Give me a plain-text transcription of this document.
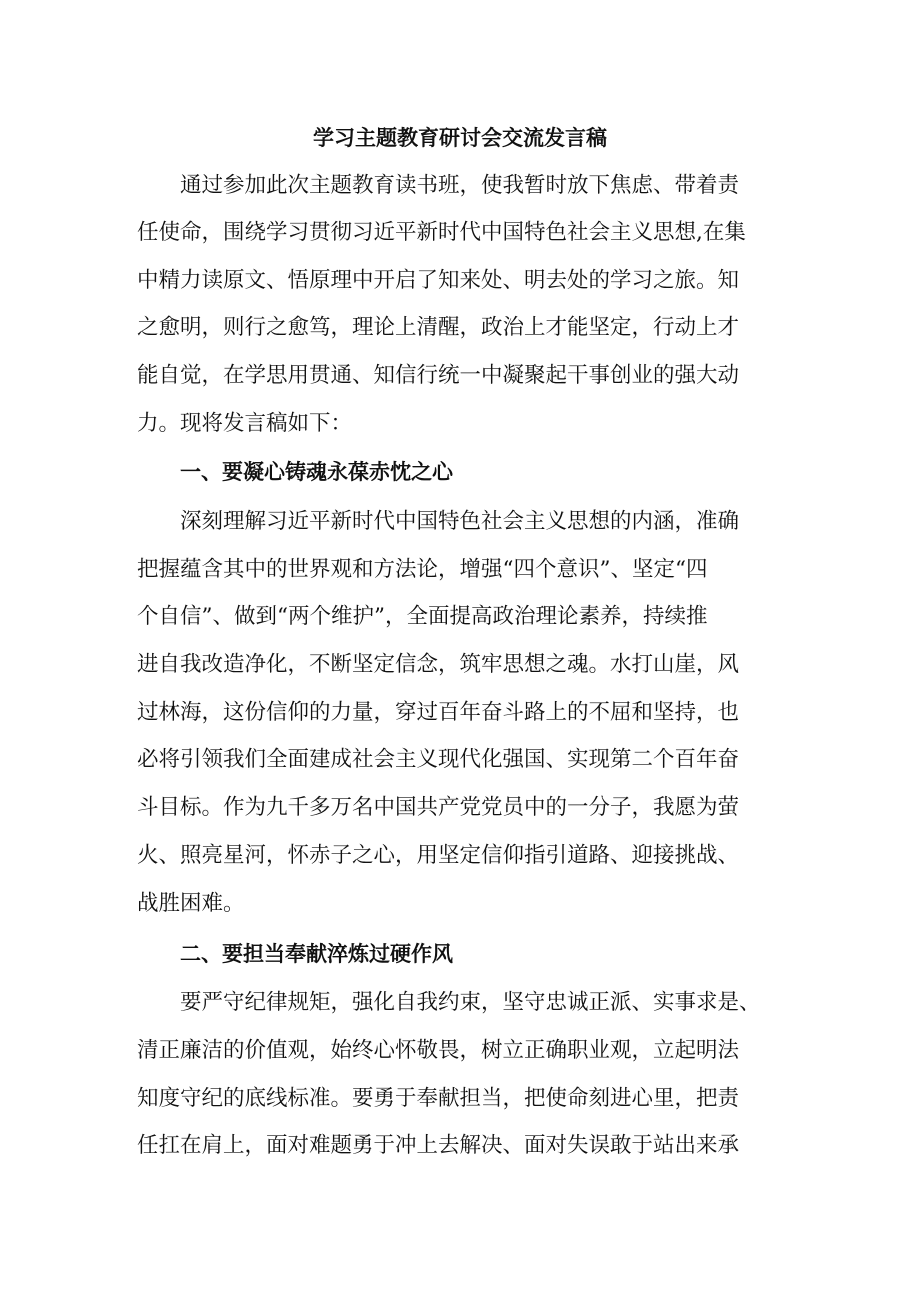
学习主题教育研讨会交流发言稿
通过参加此次主题教育读书班，使我暂时放下焦虑、带着责
任使命，围绕学习贯彻习近平新时代中国特色社会主义思想,在集
中精力读原文、悟原理中开启了知来处、明去处的学习之旅。知
之愈明，则行之愈笃，理论上清醒，政治上才能坚定，行动上才
能自觉，在学思用贯通、知信行统一中凝聚起干事创业的强大动
力。现将发言稿如下：
一、要凝心铸魂永葆赤忱之心
深刻理解习近平新时代中国特色社会主义思想的内涵，准确
把握蕴含其中的世界观和方法论，增强“四个意识”、坚定“四
个自信”、做到“两个维护”，全面提高政治理论素养，持续推
进自我改造净化，不断坚定信念，筑牢思想之魂。水打山崖，风
过林海，这份信仰的力量，穿过百年奋斗路上的不屈和坚持，也
必将引领我们全面建成社会主义现代化强国、实现第二个百年奋
斗目标。作为九千多万名中国共产党党员中的一分子，我愿为萤
火、照亮星河，怀赤子之心，用坚定信仰指引道路、迎接挑战、
战胜困难。
二、要担当奉献淬炼过硬作风
要严守纪律规矩，强化自我约束，坚守忠诚正派、实事求是、
清正廉洁的价值观，始终心怀敬畏，树立正确职业观，立起明法
知度守纪的底线标准。要勇于奉献担当，把使命刻进心里，把责
任扛在肩上，面对难题勇于冲上去解决、面对失误敢于站出来承
